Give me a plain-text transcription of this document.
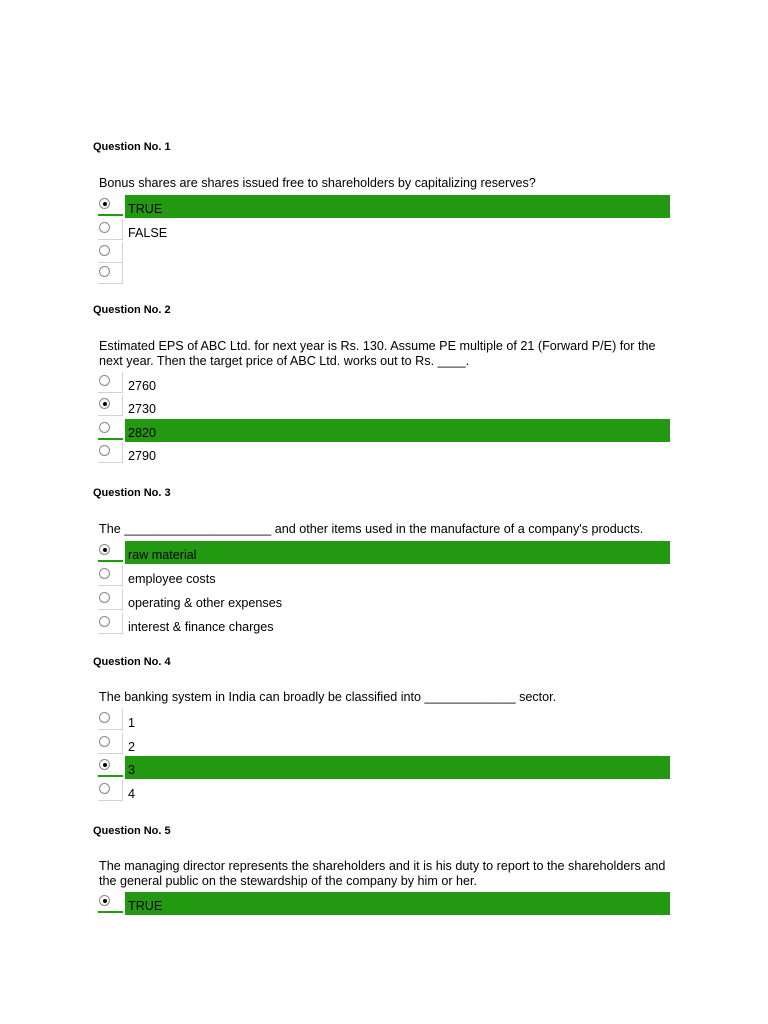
Question No. 1
Bonus shares are shares issued free to shareholders by capitalizing reserves?
TRUE
FALSE
Question No. 2
Estimated EPS of ABC Ltd. for next year is Rs. 130. Assume PE multiple of 21 (Forward P/E) for the next year. Then the target price of ABC Ltd. works out to Rs. ____.
2760
2730
2820
2790
Question No. 3
The _____________________ and other items used in the manufacture of a company's products.
raw material
employee costs
operating & other expenses
interest & finance charges
Question No. 4
The banking system in India can broadly be classified into _____________ sector.
1
2
3
4
Question No. 5
The managing director represents the shareholders and it is his duty to report to the shareholders and the general public on the stewardship of the company by him or her.
TRUE
